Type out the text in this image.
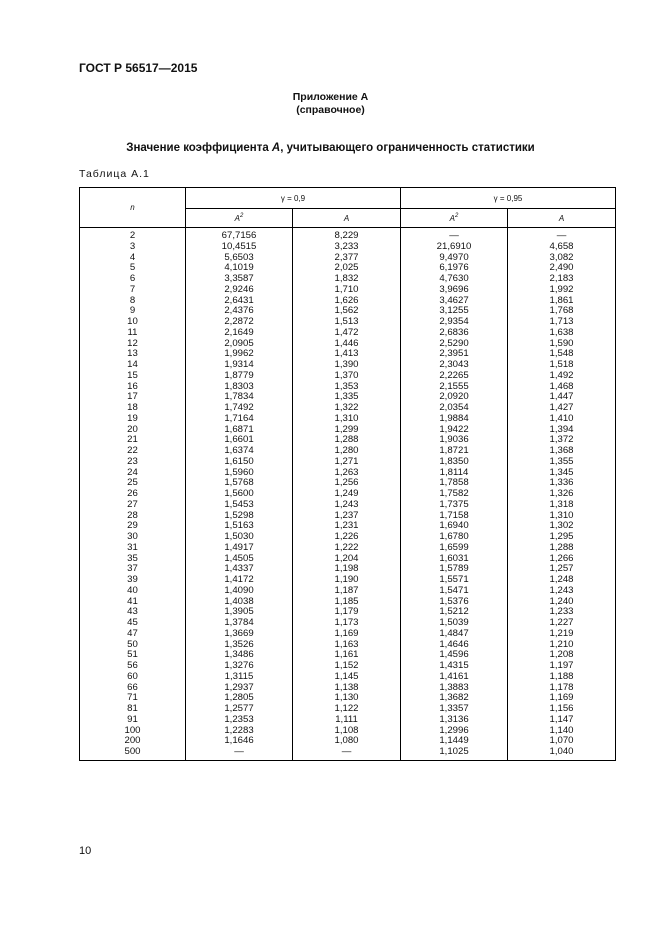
ГОСТ Р 56517—2015
Приложение А
(справочное)
Значение коэффициента A, учитывающего ограниченность статистики
Таблица А.1
n	γ = 0,9		γ = 0,95	
	$A^2$	A	$A^2$	A
2	67,7156	8,229	—	—
3	10,4515	3,233	21,6910	4,658
4	5,6503	2,377	9,4970	3,082
5	4,1019	2,025	6,1976	2,490
6	3,3587	1,832	4,7630	2,183
7	2,9246	1,710	3,9696	1,992
8	2,6431	1,626	3,4627	1,861
9	2,4376	1,562	3,1255	1,768
10	2,2872	1,513	2,9354	1,713
11	2,1649	1,472	2,6836	1,638
12	2,0905	1,446	2,5290	1,590
13	1,9962	1,413	2,3951	1,548
14	1,9314	1,390	2,3043	1,518
15	1,8779	1,370	2,2265	1,492
16	1,8303	1,353	2,1555	1,468
17	1,7834	1,335	2,0920	1,447
18	1,7492	1,322	2,0354	1,427
19	1,7164	1,310	1,9884	1,410
20	1,6871	1,299	1,9422	1,394
21	1,6601	1,288	1,9036	1,372
22	1,6374	1,280	1,8721	1,368
23	1,6150	1,271	1,8350	1,355
24	1,5960	1,263	1,8114	1,345
25	1,5768	1,256	1,7858	1,336
26	1,5600	1,249	1,7582	1,326
27	1,5453	1,243	1,7375	1,318
28	1,5298	1,237	1,7158	1,310
29	1,5163	1,231	1,6940	1,302
30	1,5030	1,226	1,6780	1,295
31	1,4917	1,222	1,6599	1,288
35	1,4505	1,204	1,6031	1,266
37	1,4337	1,198	1,5789	1,257
39	1,4172	1,190	1,5571	1,248
40	1,4090	1,187	1,5471	1,243
41	1,4038	1,185	1,5376	1,240
43	1,3905	1,179	1,5212	1,233
45	1,3784	1,173	1,5039	1,227
47	1,3669	1,169	1,4847	1,219
50	1,3526	1,163	1,4646	1,210
51	1,3486	1,161	1,4596	1,208
56	1,3276	1,152	1,4315	1,197
60	1,3115	1,145	1,4161	1,188
66	1,2937	1,138	1,3883	1,178
71	1,2805	1,130	1,3682	1,169
81	1,2577	1,122	1,3357	1,156
91	1,2353	1,111	1,3136	1,147
100	1,2283	1,108	1,2996	1,140
200	1,1646	1,080	1,1449	1,070
500	—	—	1,1025	1,040
10
